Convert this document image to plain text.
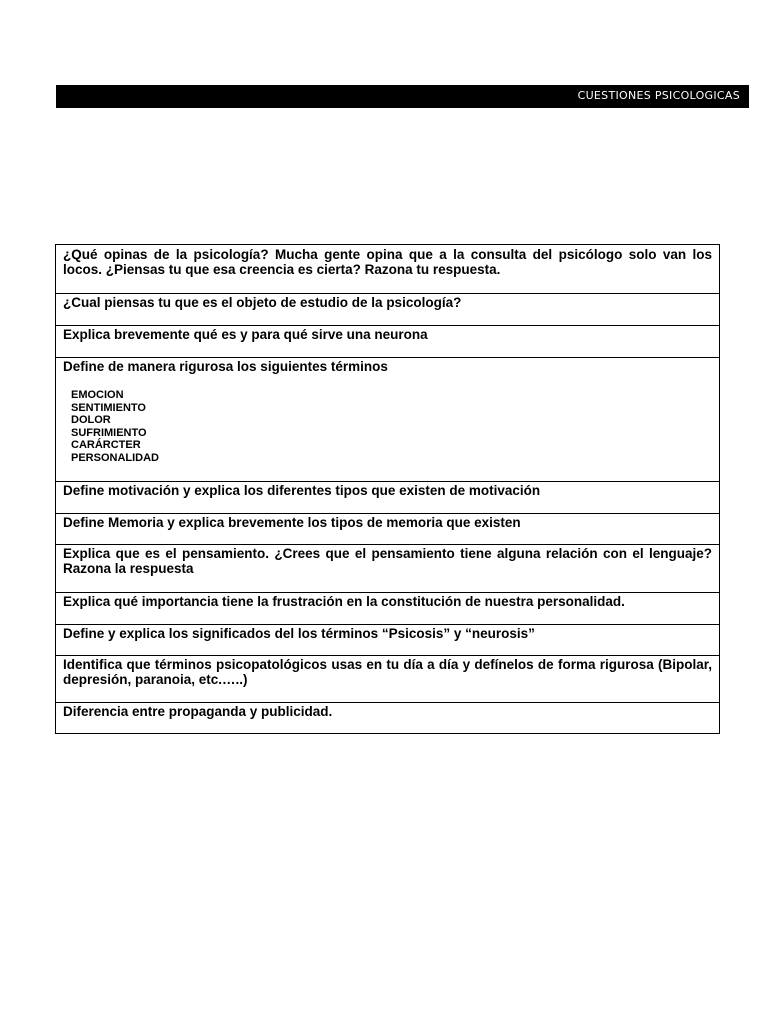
CUESTIONES PSICOLOGICAS
¿Qué opinas de la psicología? Mucha gente opina que a la consulta del psicólogo solo van los locos. ¿Piensas tu que esa creencia es cierta? Razona tu respuesta.
¿Cual piensas tu que es el objeto de estudio de la psicología?
Explica brevemente qué es y para qué sirve una neurona
Define de manera rigurosa los siguientes términos
EMOCION
SENTIMIENTO
DOLOR
SUFRIMIENTO
CARÁRCTER
PERSONALIDAD
Define motivación y explica los diferentes tipos que existen de motivación
Define Memoria y explica brevemente los tipos de memoria que existen
Explica que es el pensamiento. ¿Crees que el pensamiento tiene alguna relación con el lenguaje? Razona la respuesta
Explica qué importancia tiene la frustración en la constitución de nuestra personalidad.
Define y explica los significados del los términos “Psicosis” y “neurosis”
Identifica que términos psicopatológicos usas en tu día a día y defínelos de forma rigurosa (Bipolar, depresión, paranoia, etc.…..)
Diferencia entre propaganda y publicidad.
